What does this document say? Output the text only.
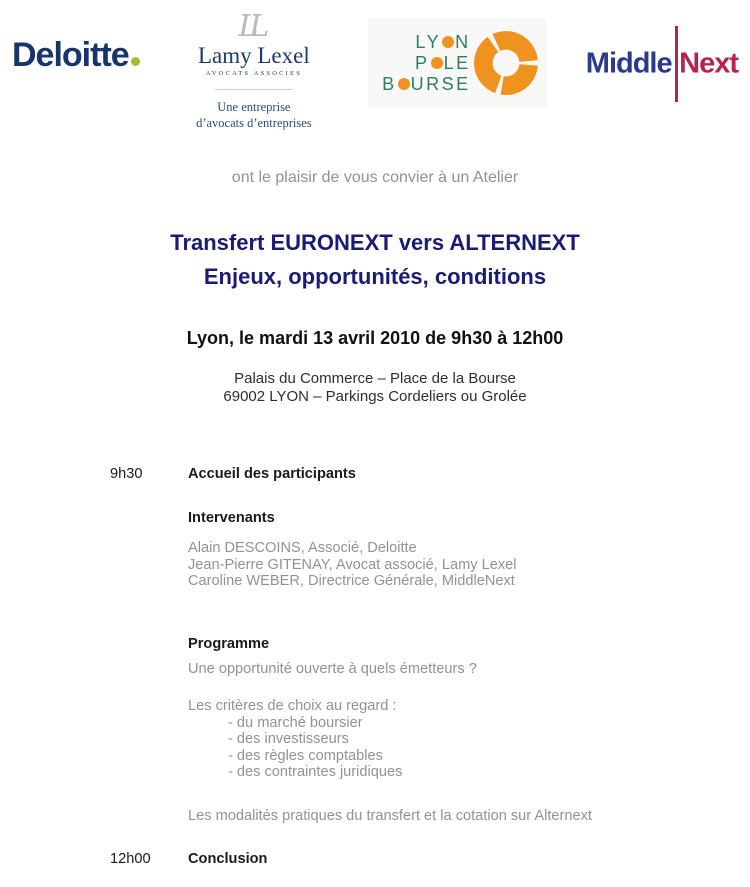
Deloitte
LL
Lamy Lexel
AVOCATS ASSOCIES
Une entreprise
d’avocats d’entreprises
LY N
P LE
B URSE
Middle Next
ont le plaisir de vous convier à un Atelier
Transfert EURONEXT vers ALTERNEXT
Enjeux, opportunités, conditions
Lyon, le mardi 13 avril 2010 de 9h30 à 12h00
Palais du Commerce – Place de la Bourse
69002 LYON – Parkings Cordeliers ou Grolée
9h30	Accueil des participants
Intervenants
Alain DESCOINS, Associé, Deloitte
Jean-Pierre GITENAY, Avocat associé, Lamy Lexel
Caroline WEBER, Directrice Générale, MiddleNext
Programme
Une opportunité ouverte à quels émetteurs ?
Les critères de choix au regard :
- du marché boursier
- des investisseurs
- des règles comptables
- des contraintes juridiques
Les modalités pratiques du transfert et la cotation sur Alternext
12h00	Conclusion
